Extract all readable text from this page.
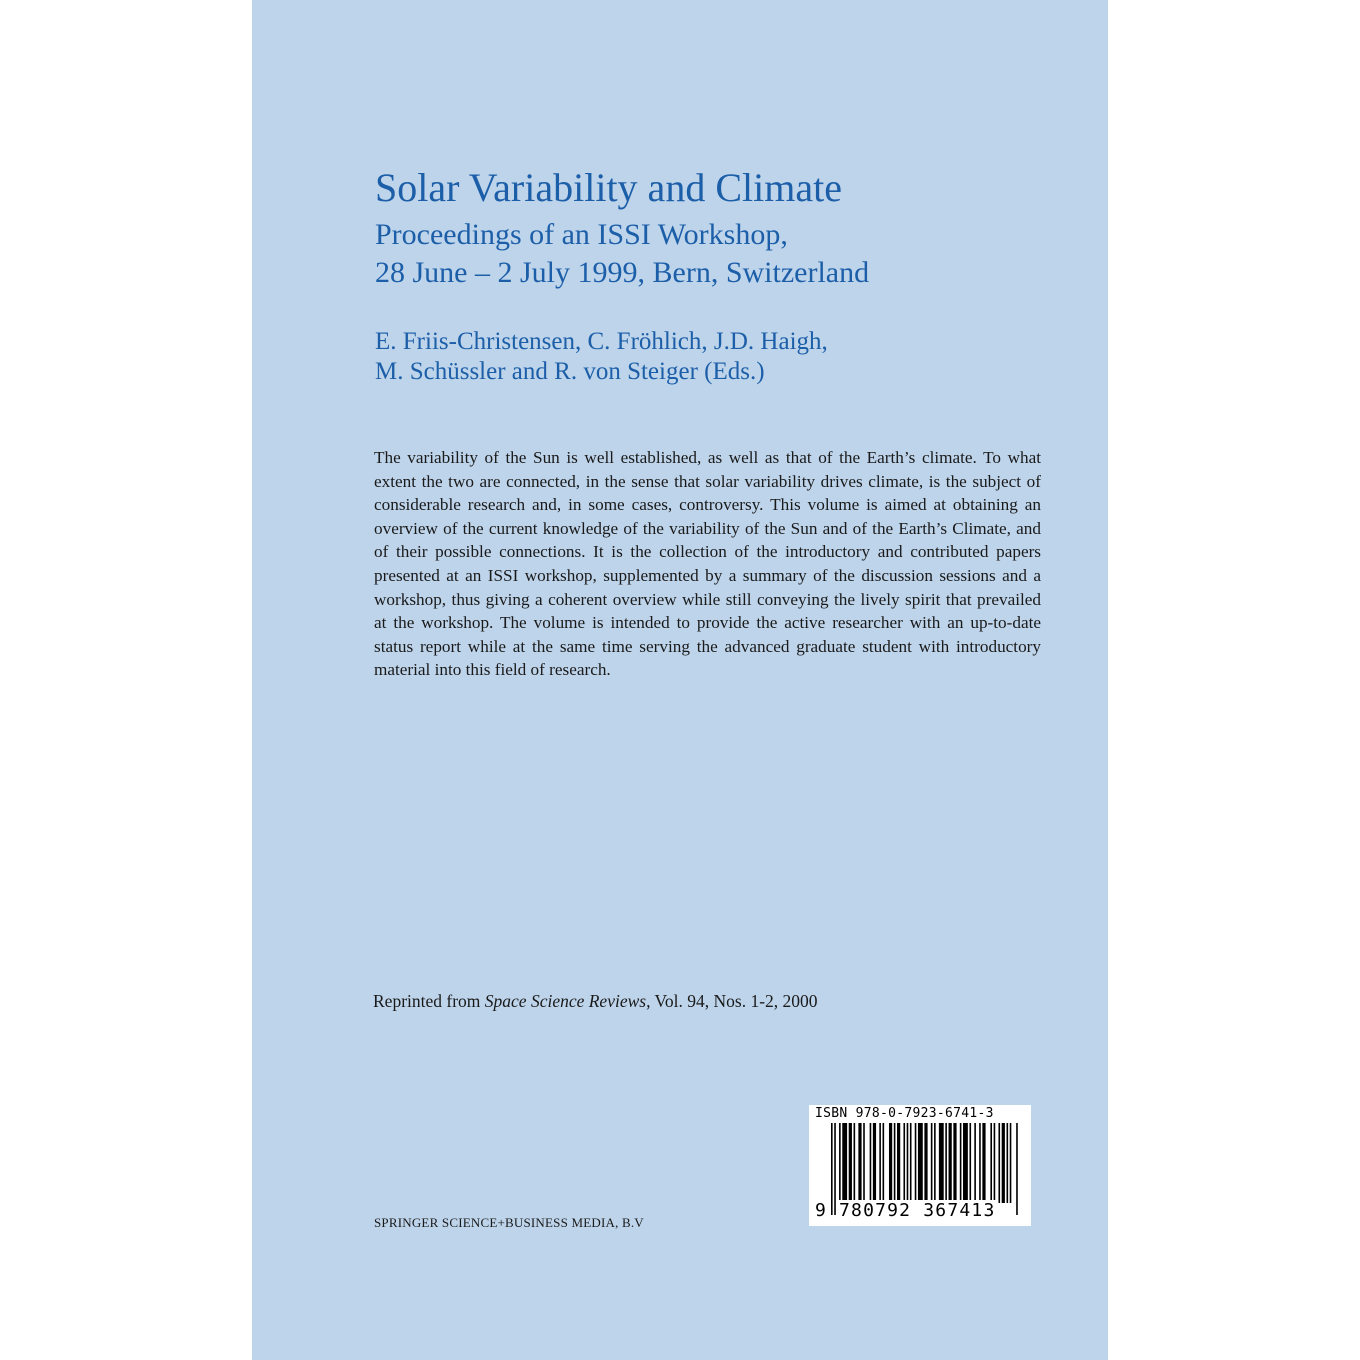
Solar Variability and Climate
Proceedings of an ISSI Workshop,
28 June – 2 July 1999, Bern, Switzerland
E. Friis-Christensen, C. Fröhlich, J.D. Haigh,
M. Schüssler and R. von Steiger (Eds.)

The variability of the Sun is well established, as well as that of the Earth’s climate. To what extent the two are connected, in the sense that solar variability drives climate, is the subject of considerable research and, in some cases, controversy. This volume is aimed at obtaining an overview of the current knowledge of the variability of the Sun and of the Earth’s Climate, and of their possible connections. It is the collection of the introductory and contributed papers presented at an ISSI workshop, supplemented by a summary of the discussion sessions and a workshop, thus giving a coherent overview while still conveying the lively spirit that prevailed at the workshop. The volume is intended to provide the active researcher with an up-to-date status report while at the same time serving the advanced graduate student with introductory material into this field of research.

Reprinted from Space Science Reviews, Vol. 94, Nos. 1-2, 2000
SPRINGER SCIENCE+BUSINESS MEDIA, B.V
ISBN 978-0-7923-6741-3
9 780792 367413
